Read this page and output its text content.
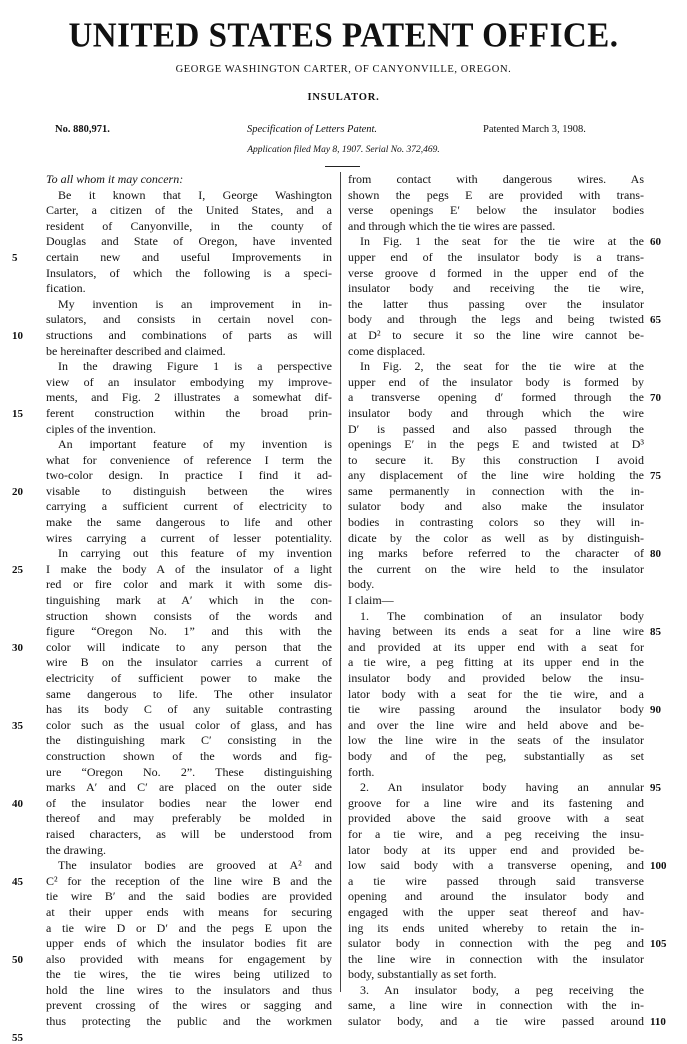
UNITED STATES PATENT OFFICE.
GEORGE WASHINGTON CARTER, OF CANYONVILLE, OREGON.
INSULATOR.
No. 880,971.	Specification of Letters Patent.	Patented March 3, 1908.
Application filed May 8, 1907. Serial No. 372,469.
To all whom it may concern:
Be it known that I, George Washington
Carter, a citizen of the United States, and a
resident of Canyonville, in the county of
Douglas and State of Oregon, have invented
certain new and useful Improvements in
Insulators, of which the following is a speci-
fication.
My invention is an improvement in in-
sulators, and consists in certain novel con-
structions and combinations of parts as will
be hereinafter described and claimed.
In the drawing Figure 1 is a perspective
view of an insulator embodying my improve-
ments, and Fig. 2 illustrates a somewhat dif-
ferent construction within the broad prin-
ciples of the invention.
An important feature of my invention is
what for convenience of reference I term the
two-color design. In practice I find it ad-
visable to distinguish between the wires
carrying a sufficient current of electricity to
make the same dangerous to life and other
wires carrying a current of lesser potentiality.
In carrying out this feature of my invention
I make the body A of the insulator of a light
red or fire color and mark it with some dis-
tinguishing mark at A′ which in the con-
struction shown consists of the words and
figure “Oregon No. 1” and this with the
color will indicate to any person that the
wire B on the insulator carries a current of
electricity of sufficient power to make the
same dangerous to life. The other insulator
has its body C of any suitable contrasting
color such as the usual color of glass, and has
the distinguishing mark C′ consisting in the
construction shown of the words and fig-
ure “Oregon No. 2”. These distinguishing
marks A′ and C′ are placed on the outer side
of the insulator bodies near the lower end
thereof and may preferably be molded in
raised characters, as will be understood from
the drawing.
The insulator bodies are grooved at A² and
C² for the reception of the line wire B and the
tie wire B′ and the said bodies are provided
at their upper ends with means for securing
a tie wire D or D′ and the pegs E upon the
upper ends of which the insulator bodies fit are
also provided with means for engagement by
the tie wires, the tie wires being utilized to
hold the line wires to the insulators and thus
prevent crossing of the wires or sagging and
thus protecting the public and the workmen
from contact with dangerous wires. As
shown the pegs E are provided with trans-
verse openings E′ below the insulator bodies
and through which the tie wires are passed.
In Fig. 1 the seat for the tie wire at the
upper end of the insulator body is a trans-
verse groove d formed in the upper end of the
insulator body and receiving the tie wire,
the latter thus passing over the insulator
body and through the legs and being twisted
at D² to secure it so the line wire cannot be-
come displaced.
In Fig. 2, the seat for the tie wire at the
upper end of the insulator body is formed by
a transverse opening d′ formed through the
insulator body and through which the wire
D′ is passed and also passed through the
openings E′ in the pegs E and twisted at D³
to secure it. By this construction I avoid
any displacement of the line wire holding the
same permanently in connection with the in-
sulator body and also make the insulator
bodies in contrasting colors so they will in-
dicate by the color as well as by distinguish-
ing marks before referred to the character of
the current on the wire held to the insulator
body.
I claim—
1. The combination of an insulator body
having between its ends a seat for a line wire
and provided at its upper end with a seat for
a tie wire, a peg fitting at its upper end in the
insulator body and provided below the insu-
lator body with a seat for the tie wire, and a
tie wire passing around the insulator body
and over the line wire and held above and be-
low the line wire in the seats of the insulator
body and of the peg, substantially as set
forth.
2. An insulator body having an annular
groove for a line wire and its fastening and
provided above the said groove with a seat
for a tie wire, and a peg receiving the insu-
lator body at its upper end and provided be-
low said body with a transverse opening, and
a tie wire passed through said transverse
opening and around the insulator body and
engaged with the upper seat thereof and hav-
ing its ends united whereby to retain the in-
sulator body in connection with the peg and
the line wire in connection with the insulator
body, substantially as set forth.
3. An insulator body, a peg receiving the
same, a line wire in connection with the in-
sulator body, and a tie wire passed around
5
10
15
20
25
30
35
40
45
50
55
60
65
70
75
80
85
90
95
100
105
110
